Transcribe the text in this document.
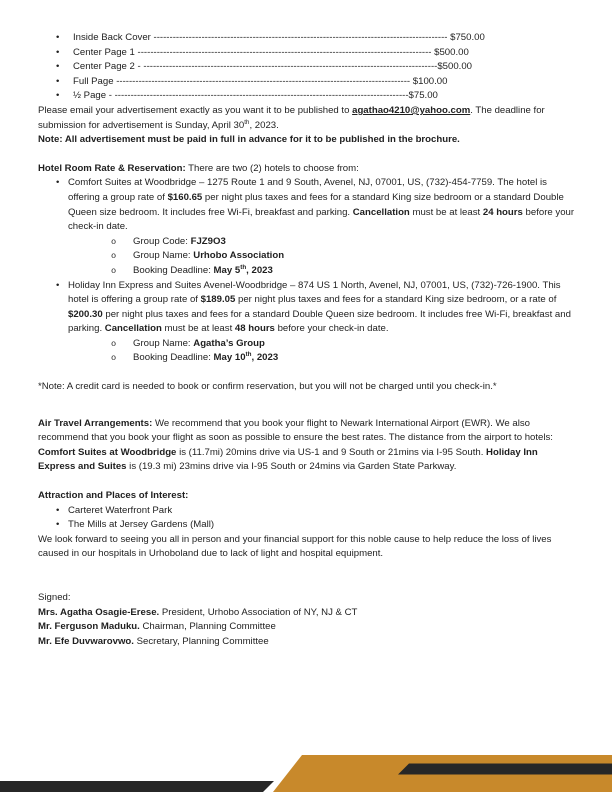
• Inside Back Cover -------------------------------------------------------------------------------------------- $750.00
• Center Page 1 -------------------------------------------------------------------------------------------- $500.00
• Center Page 2 - -------------------------------------------------------------------------------------------- $500.00
• Full Page -------------------------------------------------------------------------------------------- $100.00
• ½ Page - -------------------------------------------------------------------------------------------- $75.00
Please email your advertisement exactly as you want it to be published to agathao4210@yahoo.com. The deadline for submission for advertisement is Sunday, April 30th, 2023.
Note: All advertisement must be paid in full in advance for it to be published in the brochure.
Hotel Room Rate & Reservation: There are two (2) hotels to choose from:
• Comfort Suites at Woodbridge – 1275 Route 1 and 9 South, Avenel, NJ, 07001, US, (732)-454-7759. The hotel is offering a group rate of $160.65 per night plus taxes and fees for a standard King size bedroom or a standard Double Queen size bedroom. It includes free Wi-Fi, breakfast and parking. Cancellation must be at least 24 hours before your check-in date.
o Group Code: FJZ9O3
o Group Name: Urhobo Association
o Booking Deadline: May 5th, 2023
• Holiday Inn Express and Suites Avenel-Woodbridge – 874 US 1 North, Avenel, NJ, 07001, US, (732)-726-1900. This hotel is offering a group rate of $189.05 per night plus taxes and fees for a standard King size bedroom, or a rate of $200.30 per night plus taxes and fees for a standard Double Queen size bedroom. It includes free Wi-Fi, breakfast and parking. Cancellation must be at least 48 hours before your check-in date.
o Group Name: Agatha’s Group
o Booking Deadline: May 10th, 2023

*Note: A credit card is needed to book or confirm reservation, but you will not be charged until you check-in.*

Air Travel Arrangements: We recommend that you book your flight to Newark International Airport (EWR). We also recommend that you book your flight as soon as possible to ensure the best rates. The distance from the airport to hotels: Comfort Suites at Woodbridge is (11.7mi) 20mins drive via US-1 and 9 South or 21mins via I-95 South. Holiday Inn Express and Suites is (19.3 mi) 23mins drive via I-95 South or 24mins via Garden State Parkway.

Attraction and Places of Interest:
• Carteret Waterfront Park
• The Mills at Jersey Gardens (Mall)
We look forward to seeing you all in person and your financial support for this noble cause to help reduce the loss of lives caused in our hospitals in Urhoboland due to lack of light and hospital equipment.
Signed:
Mrs. Agatha Osagie-Erese. President, Urhobo Association of NY, NJ & CT
Mr. Ferguson Maduku. Chairman, Planning Committee
Mr. Efe Duvwarovwo. Secretary, Planning Committee
